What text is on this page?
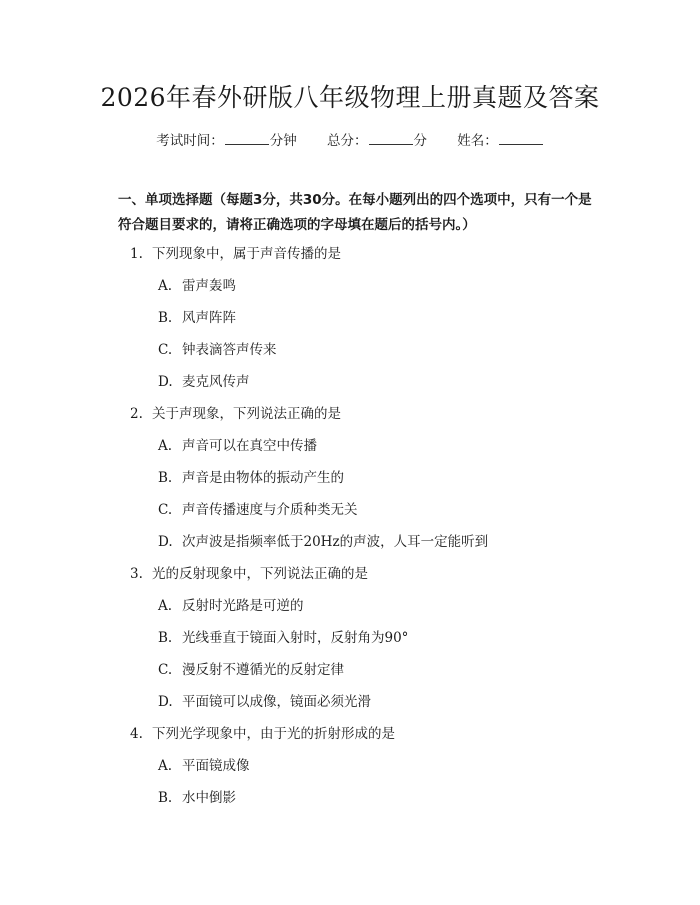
2026年春外研版八年级物理上册真题及答案
考试时间：	分钟 总分：	分 姓名：
一、单项选择题（每题3分，共30分。在每小题列出的四个选项中，只有一个是符合题目要求的，请将正确选项的字母填在题后的括号内。）
1. 下列现象中，属于声音传播的是
A. 雷声轰鸣
B. 风声阵阵
C. 钟表滴答声传来
D. 麦克风传声
2. 关于声现象，下列说法正确的是
A. 声音可以在真空中传播
B. 声音是由物体的振动产生的
C. 声音传播速度与介质种类无关
D. 次声波是指频率低于20Hz的声波，人耳一定能听到
3. 光的反射现象中，下列说法正确的是
A. 反射时光路是可逆的
B. 光线垂直于镜面入射时，反射角为90°
C. 漫反射不遵循光的反射定律
D. 平面镜可以成像，镜面必须光滑
4. 下列光学现象中，由于光的折射形成的是
A. 平面镜成像
B. 水中倒影
